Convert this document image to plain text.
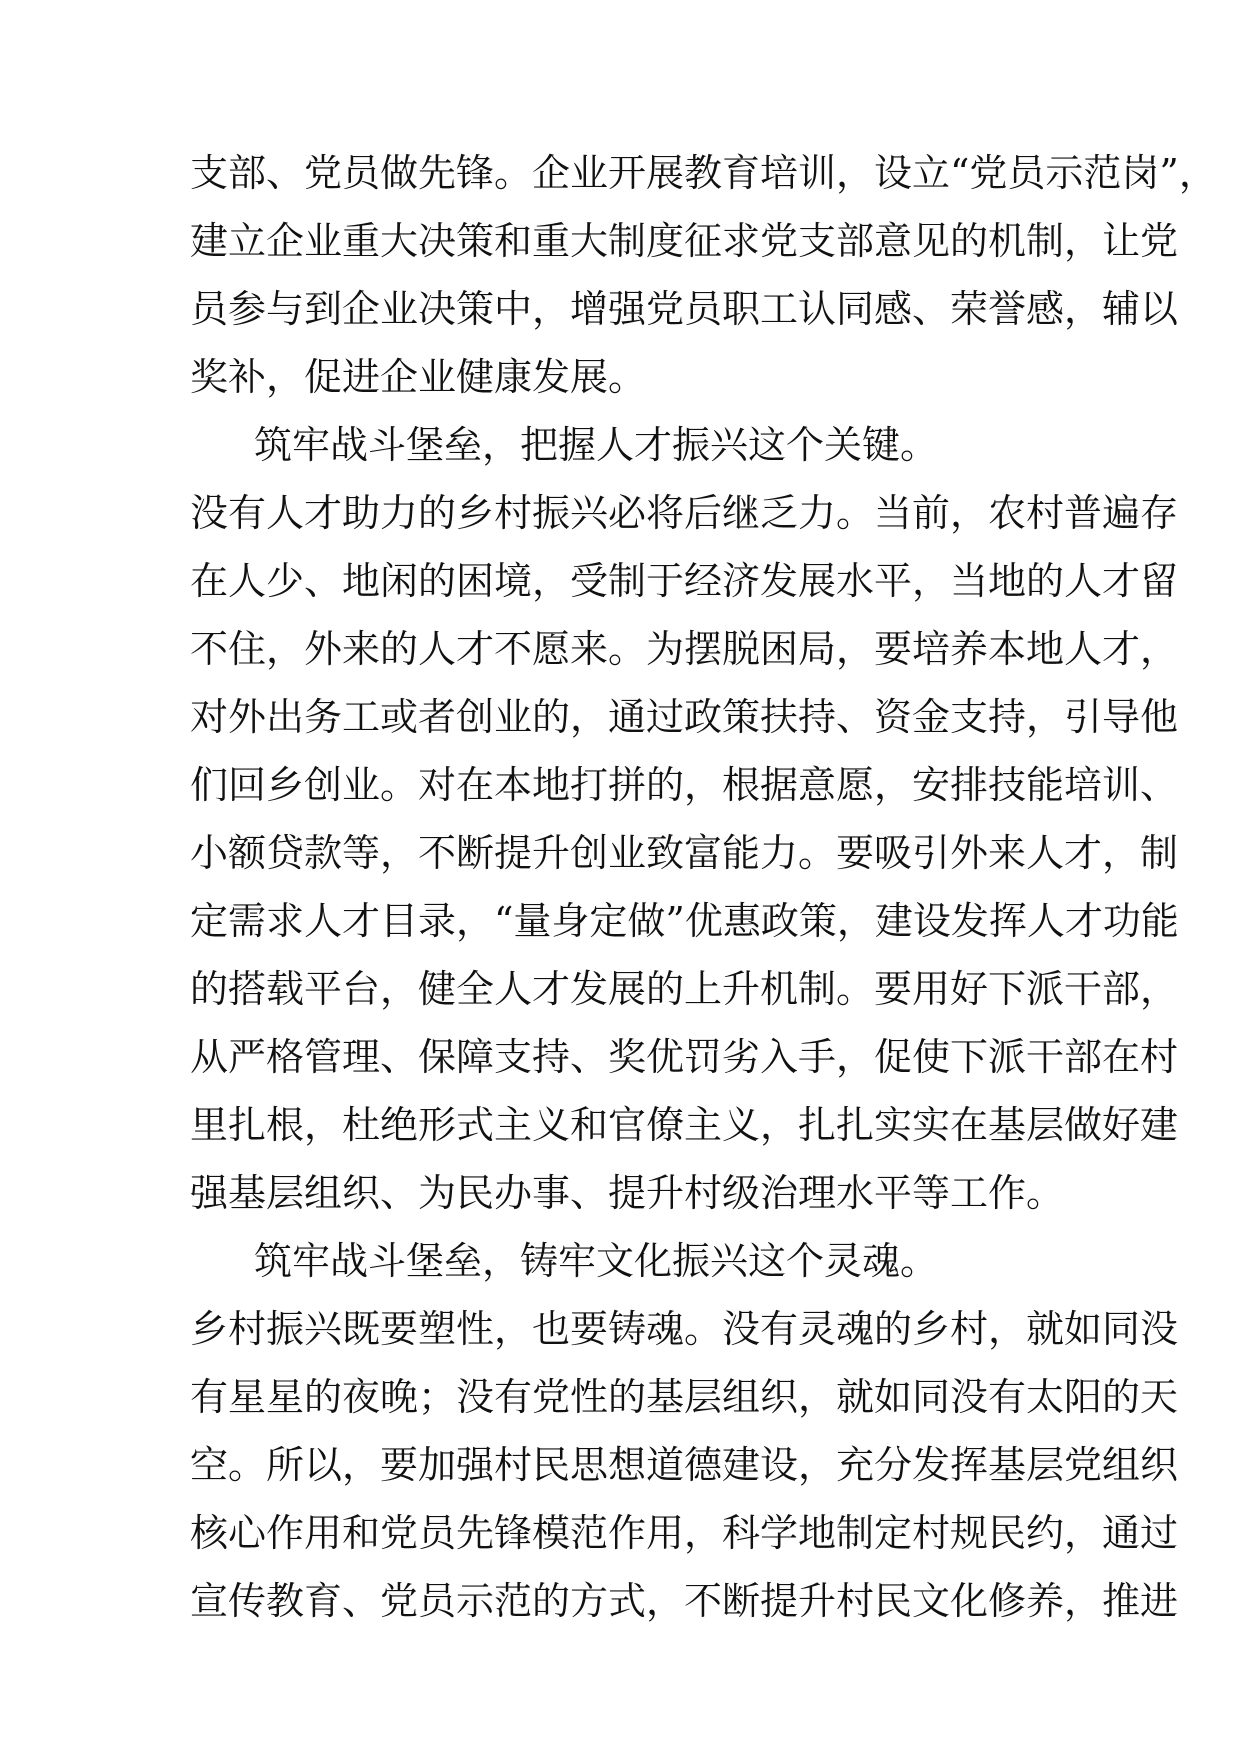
支部、党员做先锋。企业开展教育培训，设立“党员示范岗”，
建立企业重大决策和重大制度征求党支部意见的机制，让党
员参与到企业决策中，增强党员职工认同感、荣誉感，辅以
奖补，促进企业健康发展。
筑牢战斗堡垒，把握人才振兴这个关键。
没有人才助力的乡村振兴必将后继乏力。当前，农村普遍存
在人少、地闲的困境，受制于经济发展水平，当地的人才留
不住，外来的人才不愿来。为摆脱困局，要培养本地人才，
对外出务工或者创业的，通过政策扶持、资金支持，引导他
们回乡创业。对在本地打拼的，根据意愿，安排技能培训、
小额贷款等，不断提升创业致富能力。要吸引外来人才，制
定需求人才目录，“量身定做”优惠政策，建设发挥人才功能
的搭载平台，健全人才发展的上升机制。要用好下派干部，
从严格管理、保障支持、奖优罚劣入手，促使下派干部在村
里扎根，杜绝形式主义和官僚主义，扎扎实实在基层做好建
强基层组织、为民办事、提升村级治理水平等工作。
筑牢战斗堡垒，铸牢文化振兴这个灵魂。
乡村振兴既要塑性，也要铸魂。没有灵魂的乡村，就如同没
有星星的夜晚；没有党性的基层组织，就如同没有太阳的天
空。所以，要加强村民思想道德建设，充分发挥基层党组织
核心作用和党员先锋模范作用，科学地制定村规民约，通过
宣传教育、党员示范的方式，不断提升村民文化修养，推进
